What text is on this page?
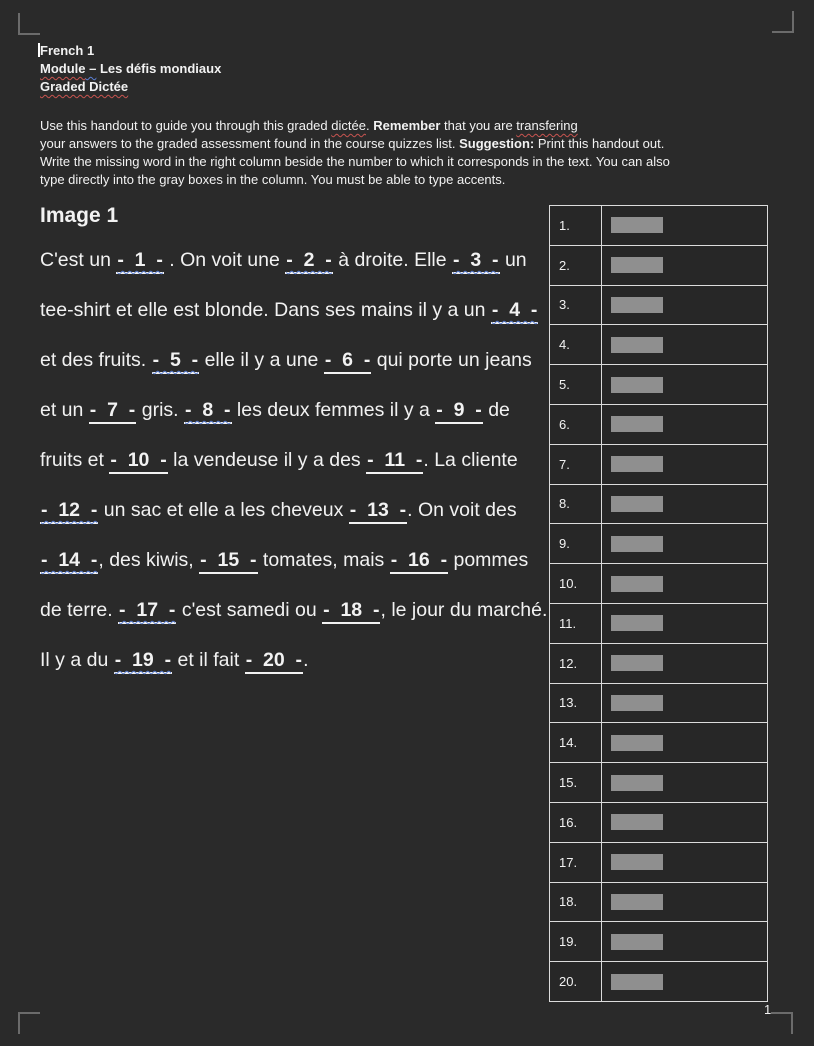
French 1
Module – Les défis mondiaux
Graded Dictée
Use this handout to guide you through this graded dictée. Remember that you are transfering
your answers to the graded assessment found in the course quizzes list. Suggestion: Print this handout out.
Write the missing word in the right column beside the number to which it corresponds in the text. You can also
type directly into the gray boxes in the column. You must be able to type accents.
Image 1

C'est un -  1  - . On voit une -  2  - à droite. Elle -  3  - un tee-shirt et elle est blonde. Dans ses mains il y a un -  4  - et des fruits. -  5  - elle il y a une -  6  - qui porte un jeans et un -  7  - gris. -  8  - les deux femmes il y a -  9  - de fruits et -  10  - la vendeuse il y a des -  11  -. La cliente -  12  - un sac et elle a les cheveux -  13  -. On voit des -  14  -, des kiwis, -  15  - tomates, mais -  16  - pommes de terre. -  17  - c'est samedi ou -  18  -, le jour du marché. Il y a du -  19  - et il fait -  20  -.

1.	

2.	

3.	

4.	

5.	

6.	

7.	

8.	

9.	

10.	

11.	

12.	

13.	

14.	

15.	

16.	

17.	

18.	

19.	

20.	
1
